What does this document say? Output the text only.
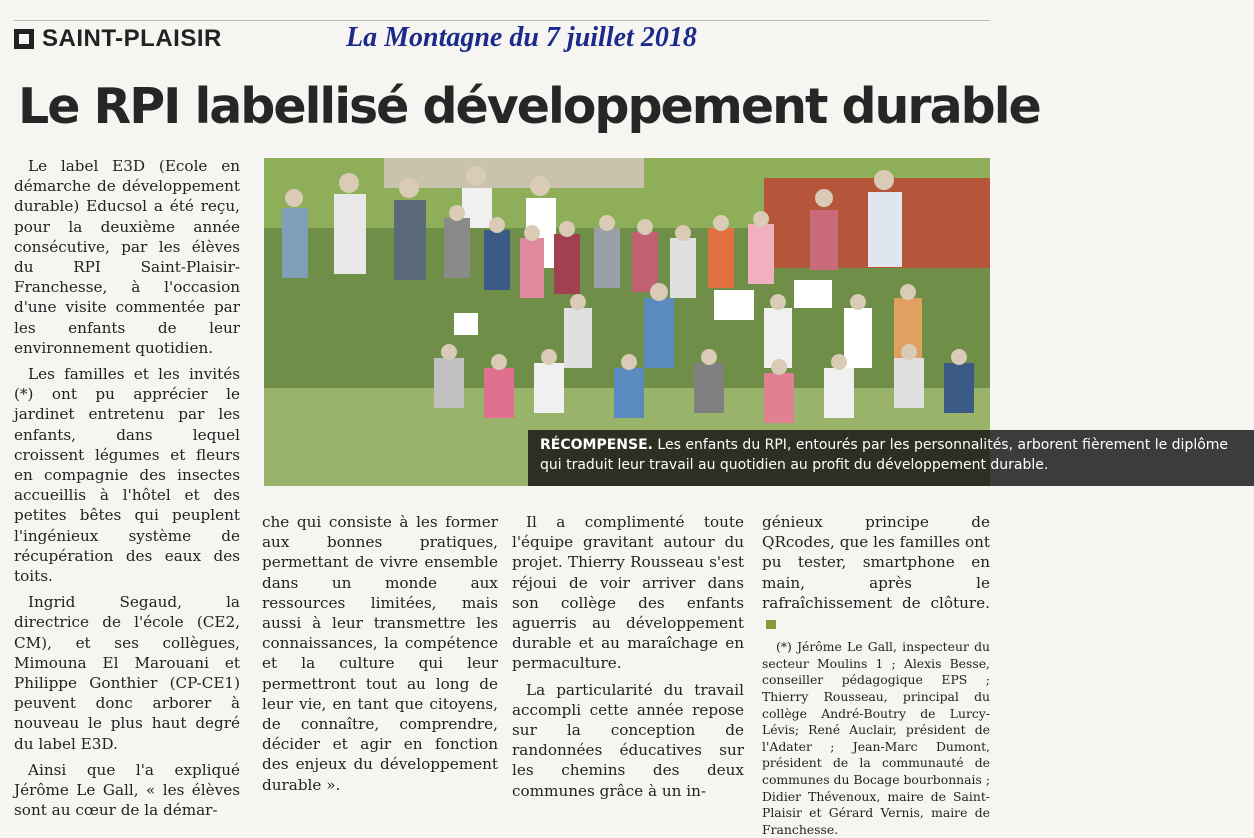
SAINT-PLAISIR	La Montagne du 7 juillet 2018
Le RPI labellisé développement durable

Le label E3D (Ecole en démarche de développement durable) Educsol a été reçu, pour la deuxième année consécutive, par les élèves du RPI Saint-Plaisir-Franchesse, à l'occasion d'une visite commentée par les enfants de leur environnement quotidien.

Les familles et les invités (*) ont pu apprécier le jardinet entretenu par les enfants, dans lequel croissent légumes et fleurs en compagnie des insectes accueillis à l'hôtel et des petites bêtes qui peuplent l'ingénieux système de récupération des eaux des toits.

Ingrid Segaud, la directrice de l'école (CE2, CM), et ses collègues, Mimouna El Marouani et Philippe Gonthier (CP-CE1) peuvent donc arborer à nouveau le plus haut degré du label E3D.

Ainsi que l'a expliqué Jérôme Le Gall, « les élèves sont au cœur de la démar-

RÉCOMPENSE. Les enfants du RPI, entourés par les personnalités, arborent fièrement le diplôme qui traduit leur travail au quotidien au profit du développement durable.

che qui consiste à les former aux bonnes pratiques, permettant de vivre ensemble dans un monde aux ressources limitées, mais aussi à leur transmettre les connaissances, la compétence et la culture qui leur permettront tout au long de leur vie, en tant que citoyens, de connaître, comprendre, décider et agir en fonction des enjeux du développement durable ».

Il a complimenté toute l'équipe gravitant autour du projet. Thierry Rousseau s'est réjoui de voir arriver dans son collège des enfants aguerris au développement durable et au maraîchage en permaculture.

La particularité du travail accompli cette année repose sur la conception de randonnées éducatives sur les chemins des deux communes grâce à un in-

génieux principe de QRcodes, que les familles ont pu tester, smartphone en main, après le rafraîchissement de clôture.

(*) Jérôme Le Gall, inspecteur du secteur Moulins 1 ; Alexis Besse, conseiller pédagogique EPS ; Thierry Rousseau, principal du collège André-Boutry de Lurcy-Lévis; René Auclair, président de l'Adater ; Jean-Marc Dumont, président de la communauté de communes du Bocage bourbonnais ; Didier Thévenoux, maire de Saint-Plaisir et Gérard Vernis, maire de Franchesse.
